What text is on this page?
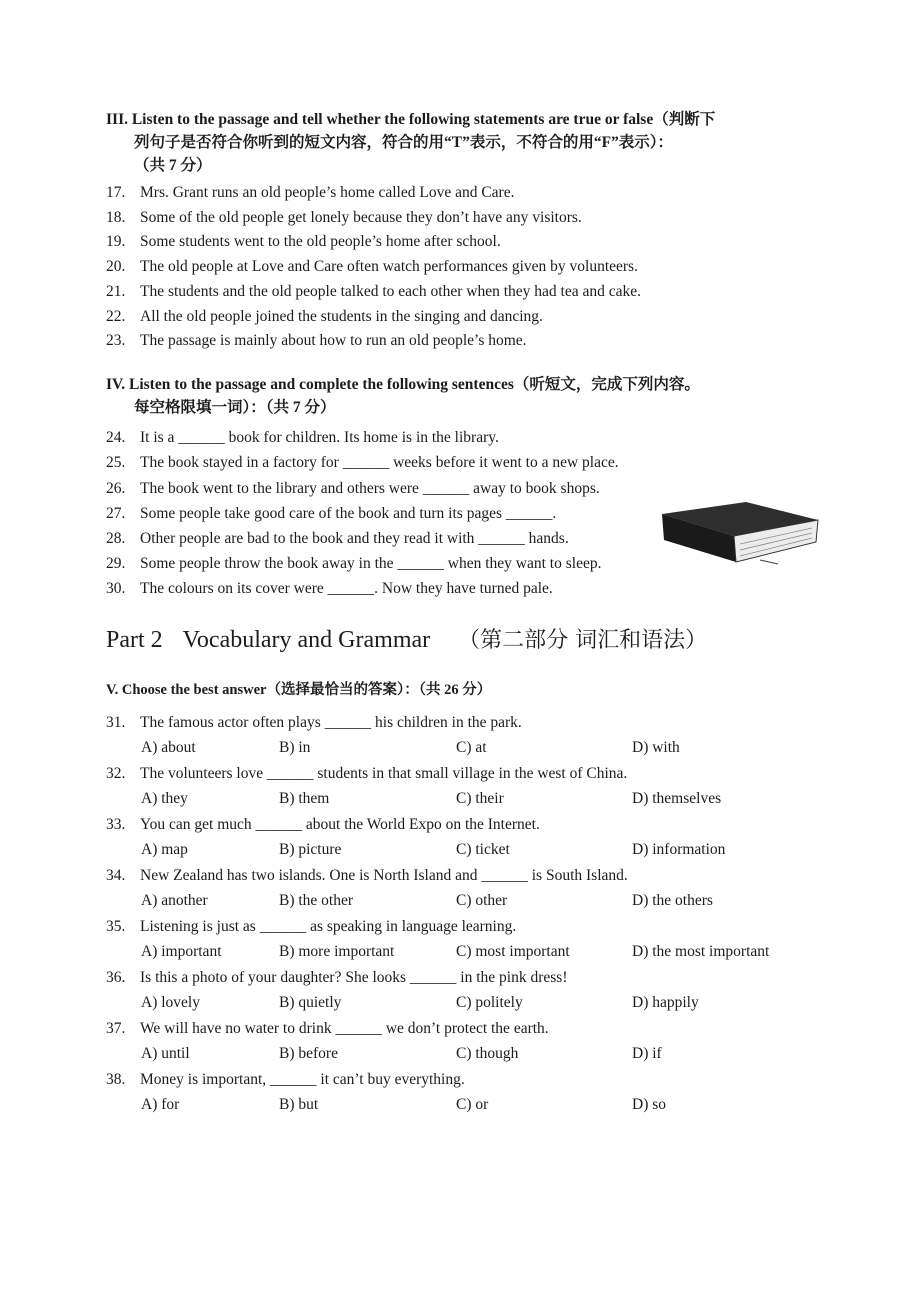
III. Listen to the passage and tell whether the following statements are true or false（判断下
列句子是否符合你听到的短文内容，符合的用“T”表示，不符合的用“F”表示）：
（共 7 分）
17. Mrs. Grant runs an old people’s home called Love and Care.
18. Some of the old people get lonely because they don’t have any visitors.
19. Some students went to the old people’s home after school.
20. The old people at Love and Care often watch performances given by volunteers.
21. The students and the old people talked to each other when they had tea and cake.
22. All the old people joined the students in the singing and dancing.
23. The passage is mainly about how to run an old people’s home.
IV. Listen to the passage and complete the following sentences（听短文，完成下列内容。
每空格限填一词）：（共 7 分）
24. It is a ______ book for children. Its home is in the library.
25. The book stayed in a factory for ______ weeks before it went to a new place.
26. The book went to the library and others were ______ away to book shops.
27. Some people take good care of the book and turn its pages ______.
28. Other people are bad to the book and they read it with ______ hands.
29. Some people throw the book away in the ______ when they want to sleep.
30. The colours on its cover were ______. Now they have turned pale.
Part 2 Vocabulary and Grammar （第二部分 词汇和语法）
V. Choose the best answer（选择最恰当的答案）：（共 26 分）
31. The famous actor often plays ______ his children in the park.
A) about	B) in	C) at	D) with
32. The volunteers love ______ students in that small village in the west of China.
A) they	B) them	C) their	D) themselves
33. You can get much ______ about the World Expo on the Internet.
A) map	B) picture	C) ticket	D) information
34. New Zealand has two islands. One is North Island and ______ is South Island.
A) another	B) the other	C) other	D) the others
35. Listening is just as ______ as speaking in language learning.
A) important	B) more important	C) most important	D) the most important
36. Is this a photo of your daughter? She looks ______ in the pink dress!
A) lovely	B) quietly	C) politely	D) happily
37. We will have no water to drink ______ we don’t protect the earth.
A) until	B) before	C) though	D) if
38. Money is important, ______ it can’t buy everything.
A) for	B) but	C) or	D) so
